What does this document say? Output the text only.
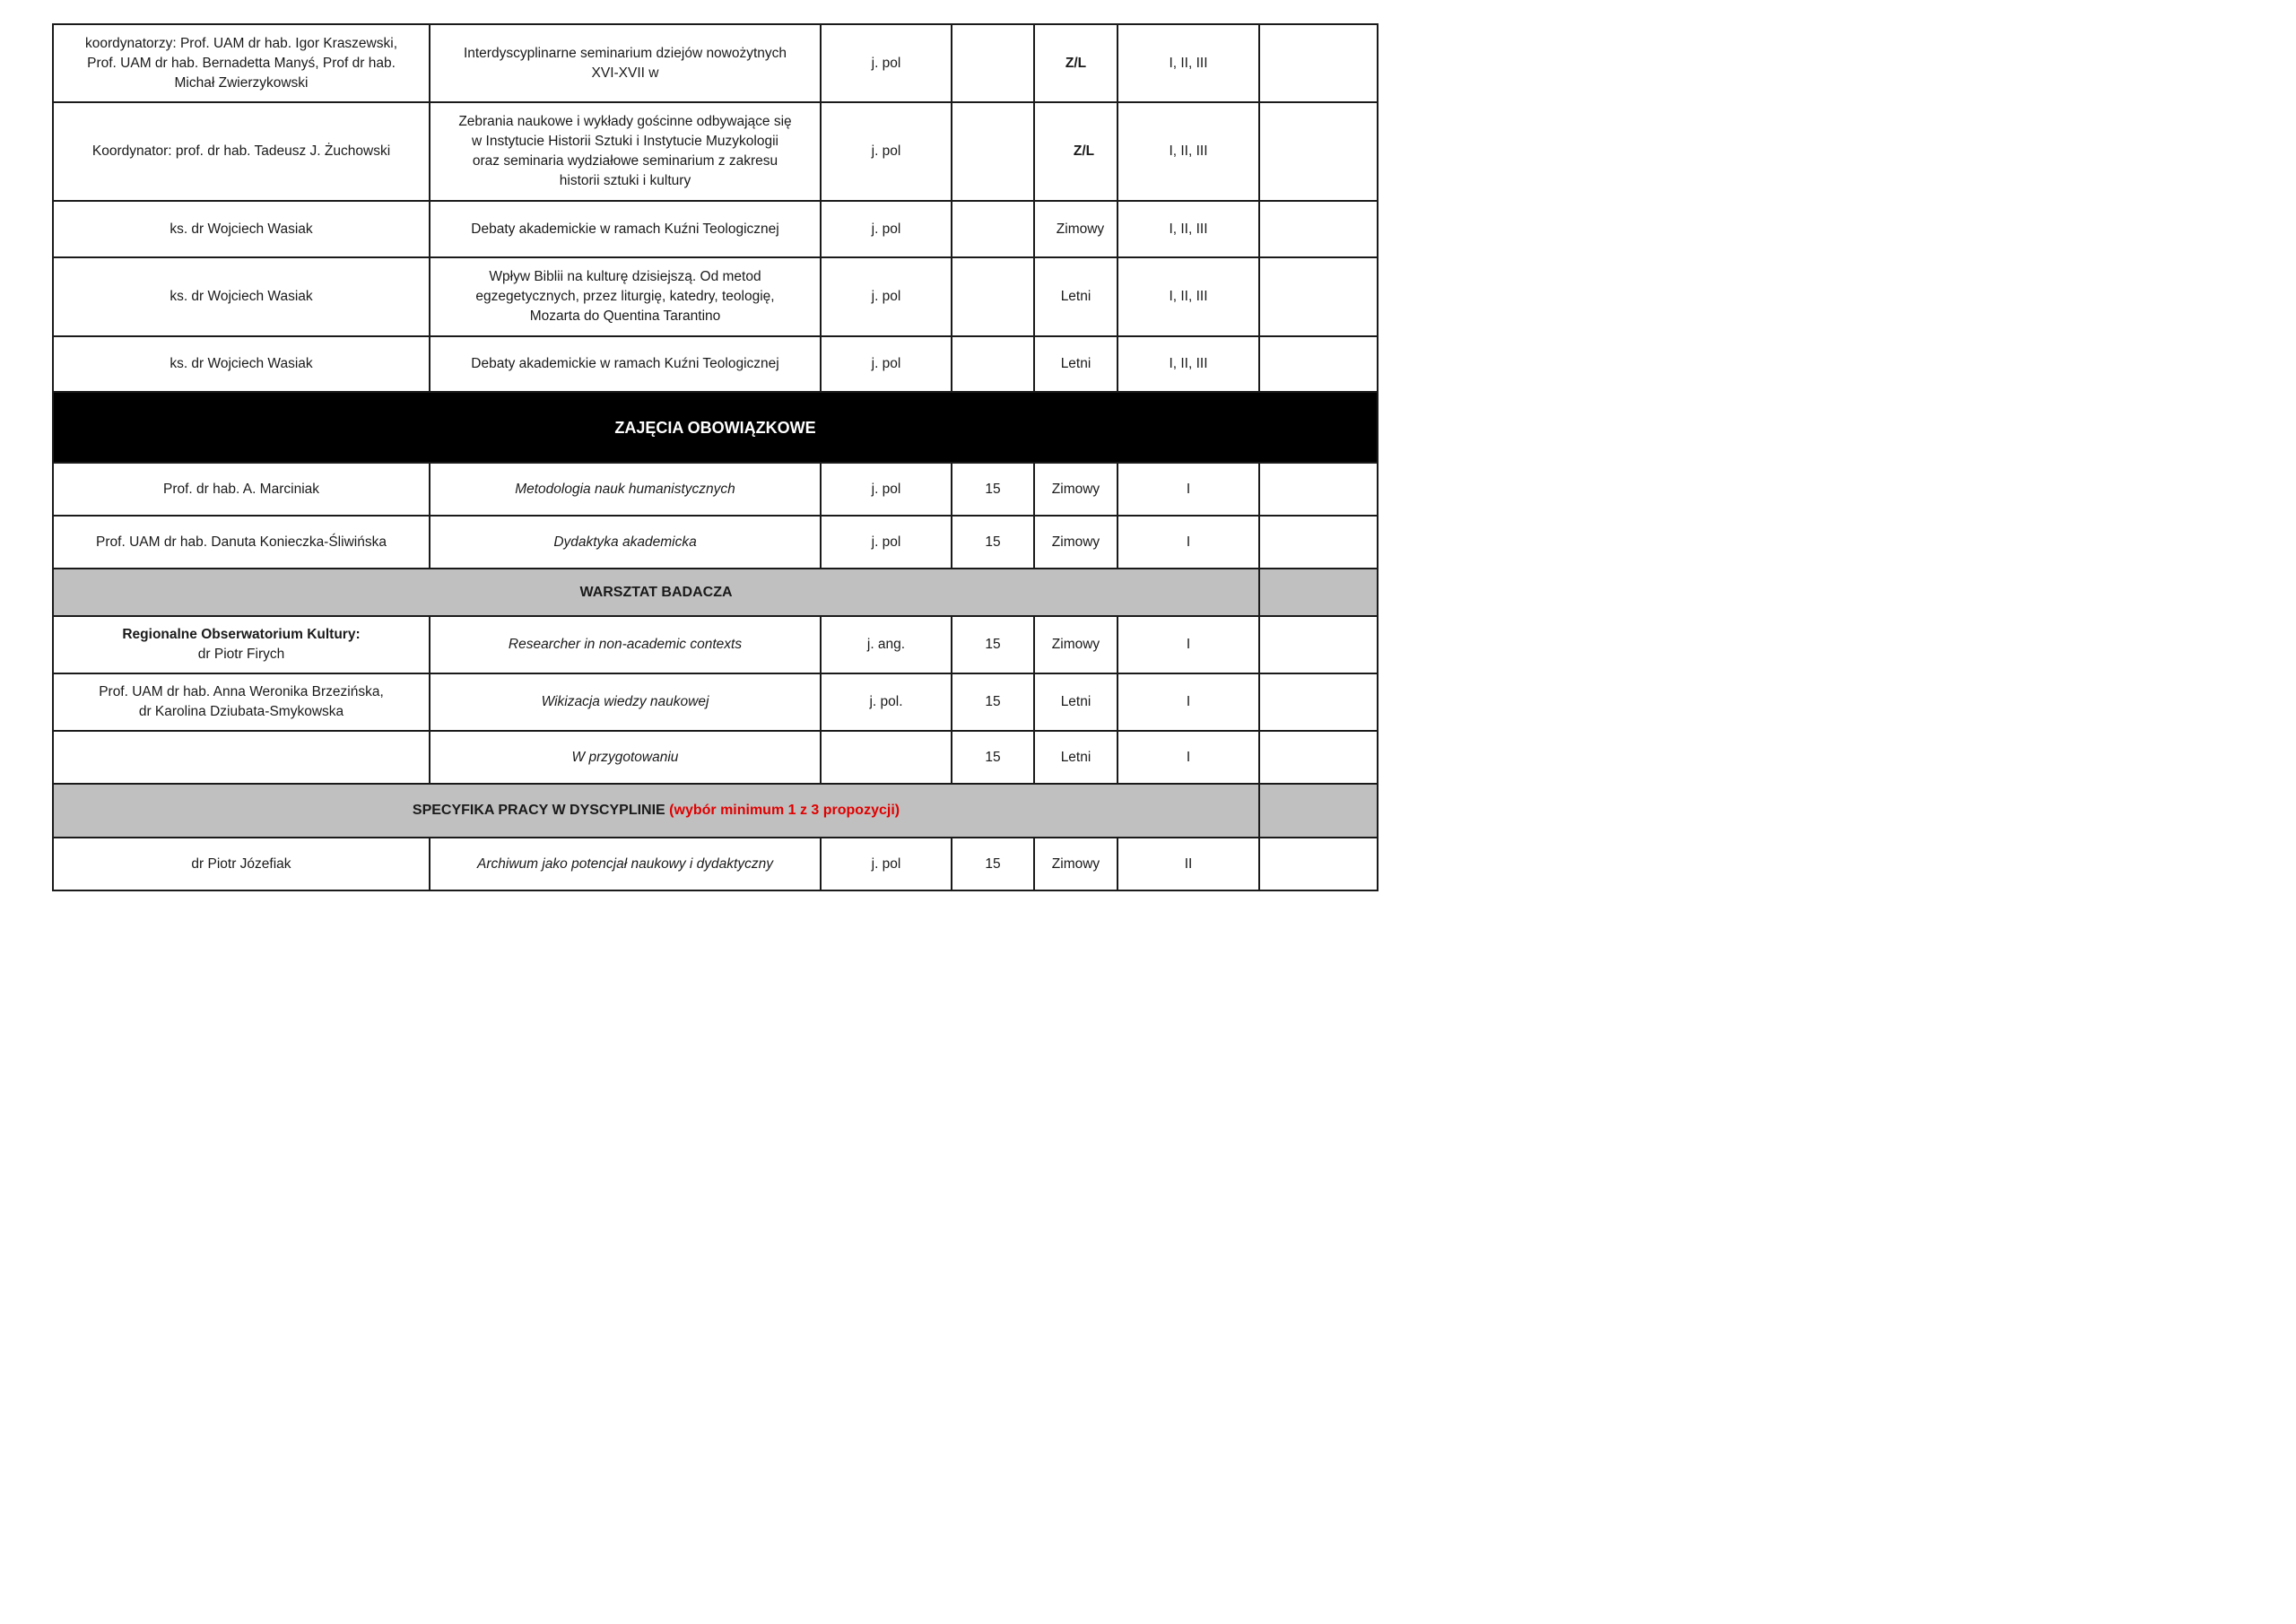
koordynatorzy: Prof. UAM dr hab. Igor Kraszewski,
Prof. UAM dr hab. Bernadetta Manyś, Prof dr hab.
Michał Zwierzykowski	Interdyscyplinarne seminarium dziejów nowożytnych
XVI-XVII w	j. pol		Z/L	I, II, III	
Koordynator: prof. dr hab. Tadeusz J. Żuchowski	Zebrania naukowe i wykłady gościnne odbywające się
w Instytucie Historii Sztuki i Instytucie Muzykologii
oraz seminaria wydziałowe seminarium z zakresu
historii sztuki i kultury	j. pol		Z/L	I, II, III	
ks. dr Wojciech Wasiak	Debaty akademickie w ramach Kuźni Teologicznej	j. pol		Zimowy	I, II, III	
ks. dr Wojciech Wasiak	Wpływ Biblii na kulturę dzisiejszą. Od metod
egzegetycznych, przez liturgię, katedry, teologię,
Mozarta do Quentina Tarantino	j. pol		Letni	I, II, III	
ks. dr Wojciech Wasiak	Debaty akademickie w ramach Kuźni Teologicznej	j. pol		Letni	I, II, III	
ZAJĘCIA OBOWIĄZKOWE						
Prof. dr hab. A. Marciniak	Metodologia nauk humanistycznych	j. pol	15	Zimowy	I	
Prof. UAM dr hab. Danuta Konieczka-Śliwińska	Dydaktyka akademicka	j. pol	15	Zimowy	I	
WARSZTAT BADACZA						
Regionalne Obserwatorium Kultury:
dr Piotr Firych	Researcher in non-academic contexts	j. ang.	15	Zimowy	I	
Prof. UAM dr hab. Anna Weronika Brzezińska,
dr Karolina Dziubata-Smykowska	Wikizacja wiedzy naukowej	j. pol.	15	Letni	I	
	W przygotowaniu		15	Letni	I	
SPECYFIKA PRACY W DYSCYPLINIE (wybór minimum 1 z 3 propozycji)						
dr Piotr Józefiak	Archiwum jako potencjał naukowy i dydaktyczny	j. pol	15	Zimowy	II	
